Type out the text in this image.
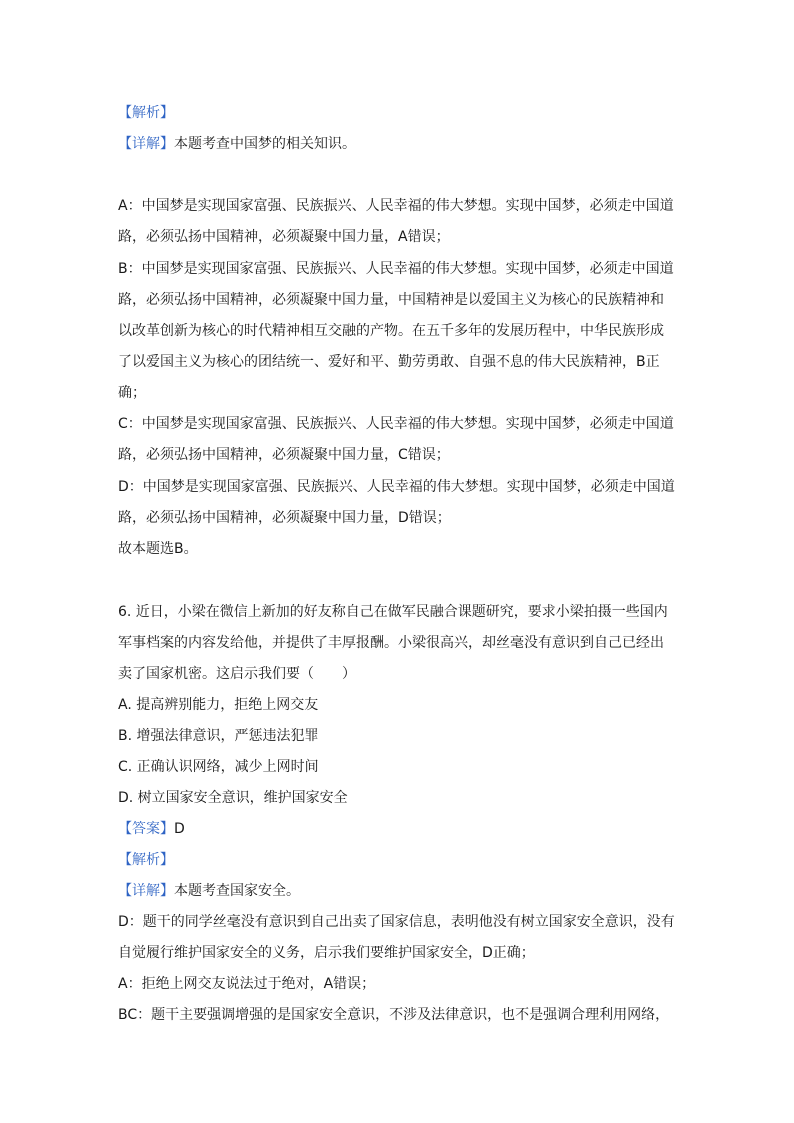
【解析】
【详解】本题考查中国梦的相关知识。
A：中国梦是实现国家富强、民族振兴、人民幸福的伟大梦想。实现中国梦，必须走中国道
路，必须弘扬中国精神，必须凝聚中国力量，A错误；
B：中国梦是实现国家富强、民族振兴、人民幸福的伟大梦想。实现中国梦，必须走中国道
路，必须弘扬中国精神，必须凝聚中国力量，中国精神是以爱国主义为核心的民族精神和
以改革创新为核心的时代精神相互交融的产物。在五千多年的发展历程中，中华民族形成
了以爱国主义为核心的团结统一、爱好和平、勤劳勇敢、自强不息的伟大民族精神，B正
确；
C：中国梦是实现国家富强、民族振兴、人民幸福的伟大梦想。实现中国梦，必须走中国道
路，必须弘扬中国精神，必须凝聚中国力量，C错误；
D：中国梦是实现国家富强、民族振兴、人民幸福的伟大梦想。实现中国梦，必须走中国道
路，必须弘扬中国精神，必须凝聚中国力量，D错误；
故本题选B。
6. 近日，小梁在微信上新加的好友称自己在做军民融合课题研究，要求小梁拍摄一些国内
军事档案的内容发给他，并提供了丰厚报酬。小梁很高兴，却丝毫没有意识到自己已经出
卖了国家机密。这启示我们要（　　）
A. 提高辨别能力，拒绝上网交友
B. 增强法律意识，严惩违法犯罪
C. 正确认识网络，减少上网时间
D. 树立国家安全意识，维护国家安全
【答案】D
【解析】
【详解】本题考查国家安全。
D：题干的同学丝毫没有意识到自己出卖了国家信息，表明他没有树立国家安全意识，没有
自觉履行维护国家安全的义务，启示我们要维护国家安全，D正确；
A：拒绝上网交友说法过于绝对，A错误；
BC：题干主要强调增强的是国家安全意识，不涉及法律意识，也不是强调合理利用网络，
